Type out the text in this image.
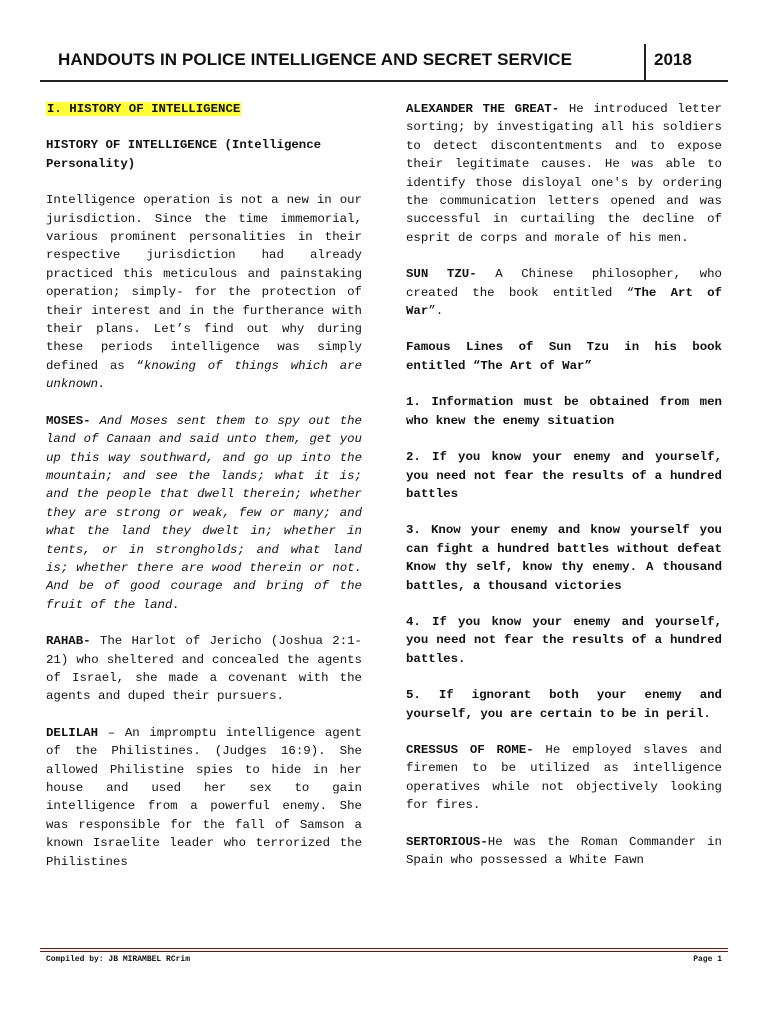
HANDOUTS IN POLICE INTELLIGENCE AND SECRET SERVICE	2018

I. HISTORY OF INTELLIGENCE

HISTORY OF INTELLIGENCE (Intelligence Personality)

Intelligence operation is not a new in our jurisdiction. Since the time immemorial, various prominent personalities in their respective jurisdiction had already practiced this meticulous and painstaking operation; simply- for the protection of their interest and in the furtherance with their plans. Let’s find out why during these periods intelligence was simply defined as “knowing of things which are unknown.

MOSES- And Moses sent them to spy out the land of Canaan and said unto them, get you up this way southward, and go up into the mountain; and see the lands; what it is; and the people that dwell therein; whether they are strong or weak, few or many; and what the land they dwelt in; whether in tents, or in strongholds; and what land is; whether there are wood therein or not. And be of good courage and bring of the fruit of the land.

RAHAB- The Harlot of Jericho (Joshua 2:1-21) who sheltered and concealed the agents of Israel, she made a covenant with the agents and duped their pursuers.

DELILAH – An impromptu intelligence agent of the Philistines. (Judges 16:9). She allowed Philistine spies to hide in her house and used her sex to gain intelligence from a powerful enemy. She was responsible for the fall of Samson a known Israelite leader who terrorized the Philistines

ALEXANDER THE GREAT- He introduced letter sorting; by investigating all his soldiers to detect discontentments and to expose their legitimate causes. He was able to identify those disloyal one's by ordering the communication letters opened and was successful in curtailing the decline of esprit de corps and morale of his men.

SUN TZU- A Chinese philosopher, who created the book entitled “The Art of War”.

Famous Lines of Sun Tzu in his book entitled “The Art of War”

1. Information must be obtained from men who knew the enemy situation

2. If you know your enemy and yourself, you need not fear the results of a hundred battles

3. Know your enemy and know yourself you can fight a hundred battles without defeat Know thy self, know thy enemy. A thousand battles, a thousand victories

4. If you know your enemy and yourself, you need not fear the results of a hundred battles.

5. If ignorant both your enemy and yourself, you are certain to be in peril.

CRESSUS OF ROME- He employed slaves and firemen to be utilized as intelligence operatives while not objectively looking for fires.

SERTORIOUS-He was the Roman Commander in Spain who possessed a White Fawn

Compiled by: JB MIRAMBEL RCrim	Page 1
